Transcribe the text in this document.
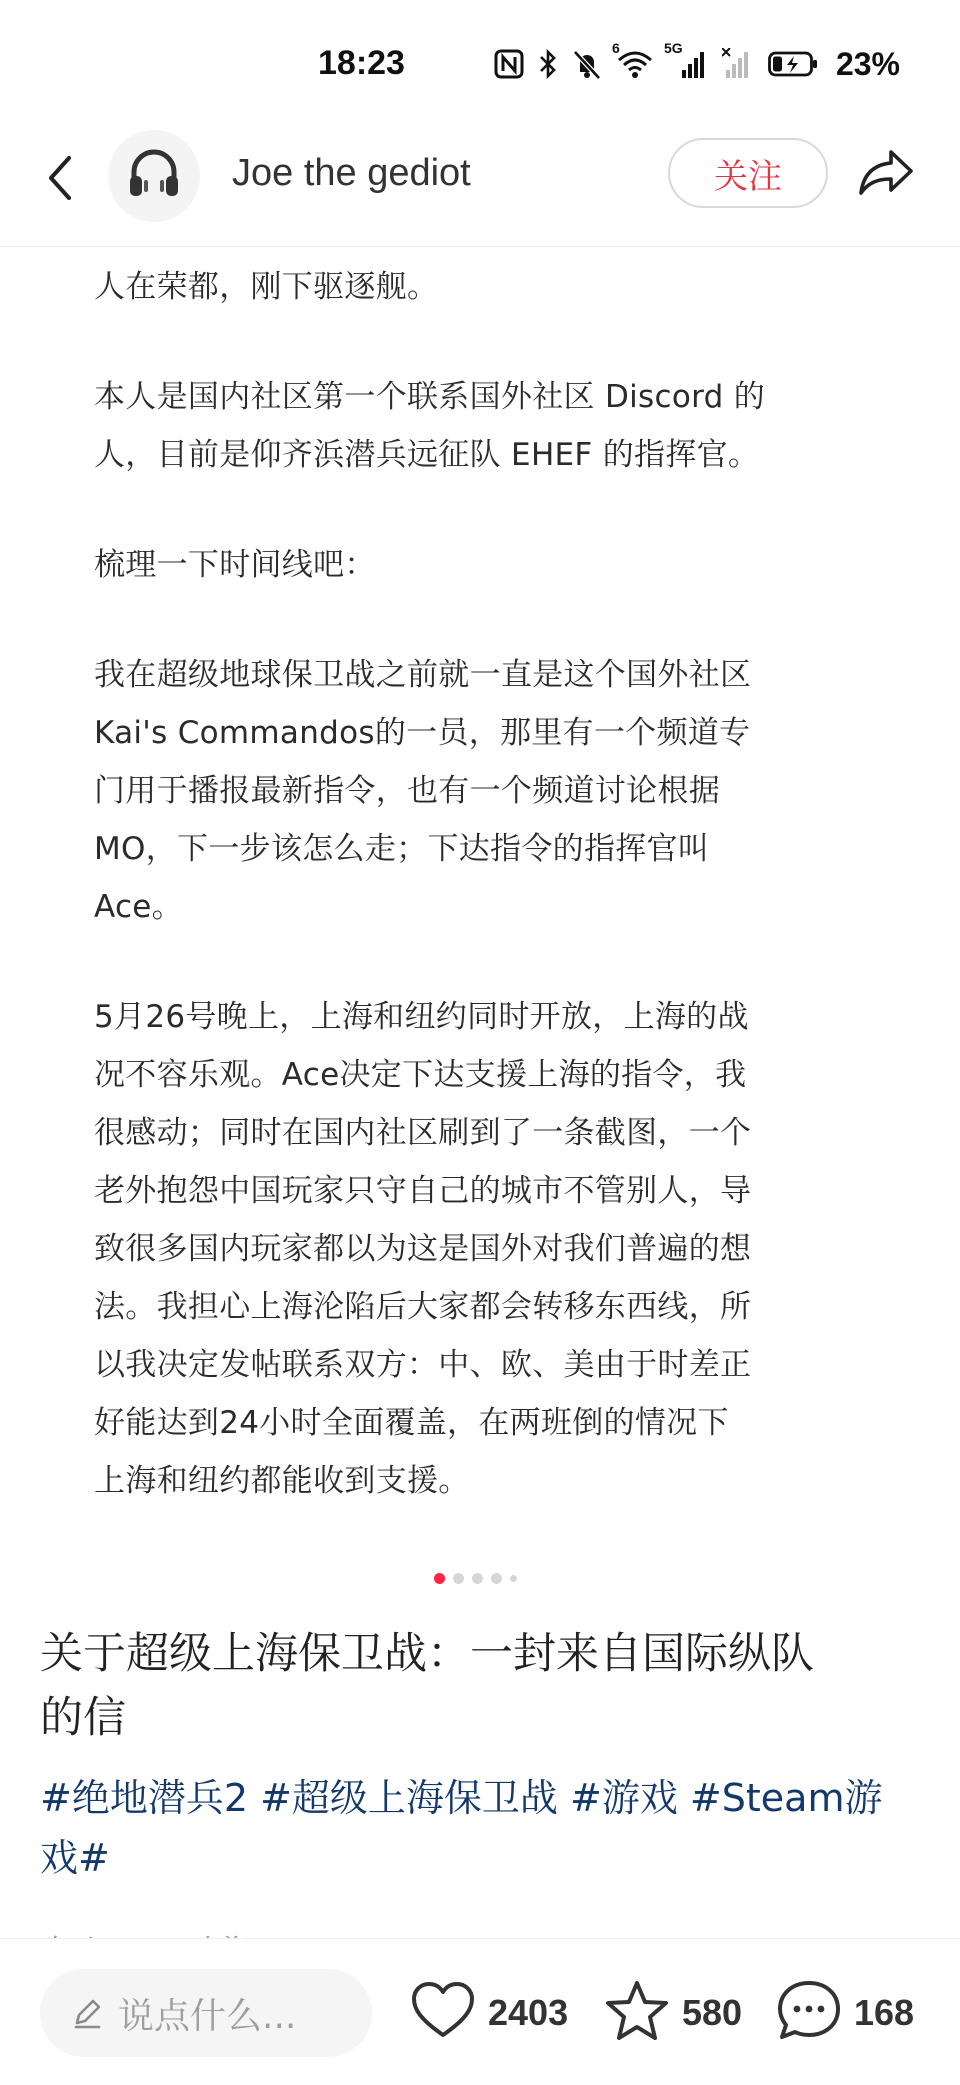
18:23	6	5G	23%
Joe the gediot	关注

人在荣都，刚下驱逐舰。

本人是国内社区第一个联系国外社区 Discord 的
人，目前是仰齐浜潜兵远征队 EHEF 的指挥官。

梳理一下时间线吧：

我在超级地球保卫战之前就一直是这个国外社区
Kai's Commandos的一员，那里有一个频道专
门用于播报最新指令，也有一个频道讨论根据
MO，下一步该怎么走；下达指令的指挥官叫
Ace。

5月26号晚上，上海和纽约同时开放，上海的战
况不容乐观。Ace决定下达支援上海的指令，我
很感动；同时在国内社区刷到了一条截图，一个
老外抱怨中国玩家只守自己的城市不管别人，导
致很多国内玩家都以为这是国外对我们普遍的想
法。我担心上海沦陷后大家都会转移东西线，所
以我决定发帖联系双方：中、欧、美由于时差正
好能达到24小时全面覆盖，在两班倒的情况下
上海和纽约都能收到支援。

关于超级上海保卫战：一封来自国际纵队
的信
#绝地潜兵2 #超级上海保卫战 #游戏 #Steam游
戏#
说点什么...	2403	580	168
